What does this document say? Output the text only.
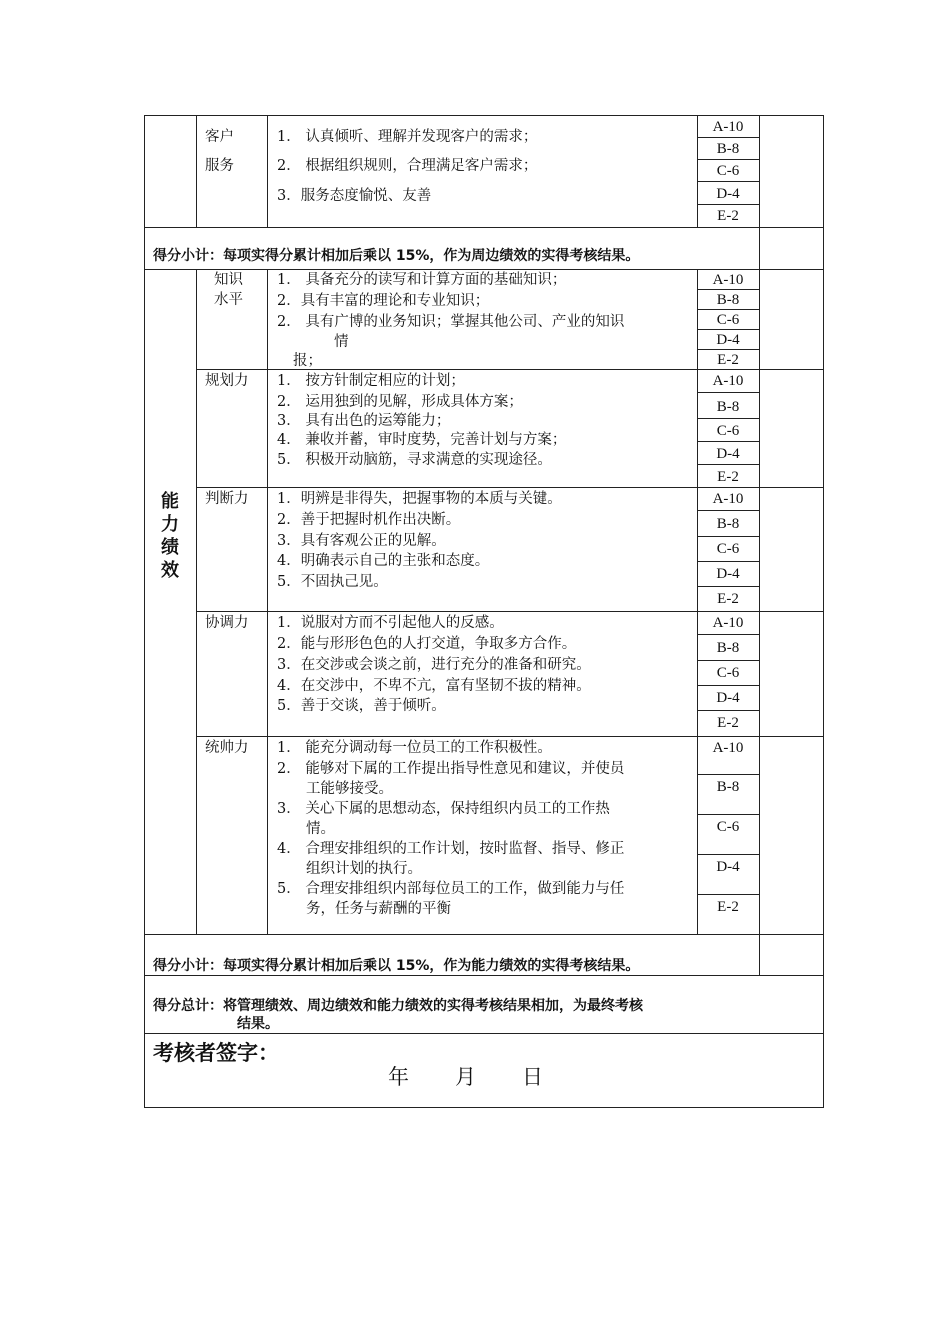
客户
服务
1． 认真倾听、理解并发现客户的需求；
2． 根据组织规则，合理满足客户需求；
3．服务态度愉悦、友善
A-10
B-8
C-6
D-4
E-2
得分小计：每项实得分累计相加后乘以 15%，作为周边绩效的实得考核结果。
能
力
绩
效
知识
水平
1． 具备充分的读写和计算方面的基础知识；
2．具有丰富的理论和专业知识；
2． 具有广博的业务知识；掌握其他公司、产业的知识
情
报；
A-10
B-8
C-6
D-4
E-2
规划力 1． 按方针制定相应的计划；
2． 运用独到的见解，形成具体方案；
3． 具有出色的运筹能力；
4． 兼收并蓄，审时度势，完善计划与方案；
5． 积极开动脑筋，寻求满意的实现途径。
A-10
B-8
C-6
D-4
E-2
判断力 1．明辨是非得失，把握事物的本质与关键。
2．善于把握时机作出决断。
3．具有客观公正的见解。
4．明确表示自己的主张和态度。
5．不固执己见。
A-10
B-8
C-6
D-4
E-2
协调力 1．说服对方而不引起他人的反感。
2．能与形形色色的人打交道，争取多方合作。
3．在交涉或会谈之前，进行充分的准备和研究。
4．在交涉中，不卑不亢，富有坚韧不拔的精神。
5．善于交谈，善于倾听。
A-10
B-8
C-6
D-4
E-2
统帅力 1． 能充分调动每一位员工的工作积极性。
2． 能够对下属的工作提出指导性意见和建议，并使员
工能够接受。
3． 关心下属的思想动态，保持组织内员工的工作热
情。
4． 合理安排组织的工作计划，按时监督、指导、修正
组织计划的执行。
5． 合理安排组织内部每位员工的工作，做到能力与任
务，任务与薪酬的平衡
A-10
B-8
C-6
D-4
E-2
得分小计：每项实得分累计相加后乘以 15%，作为能力绩效的实得考核结果。
得分总计：将管理绩效、周边绩效和能力绩效的实得考核结果相加，为最终考核
结果。
考核者签字：
年 月 日
